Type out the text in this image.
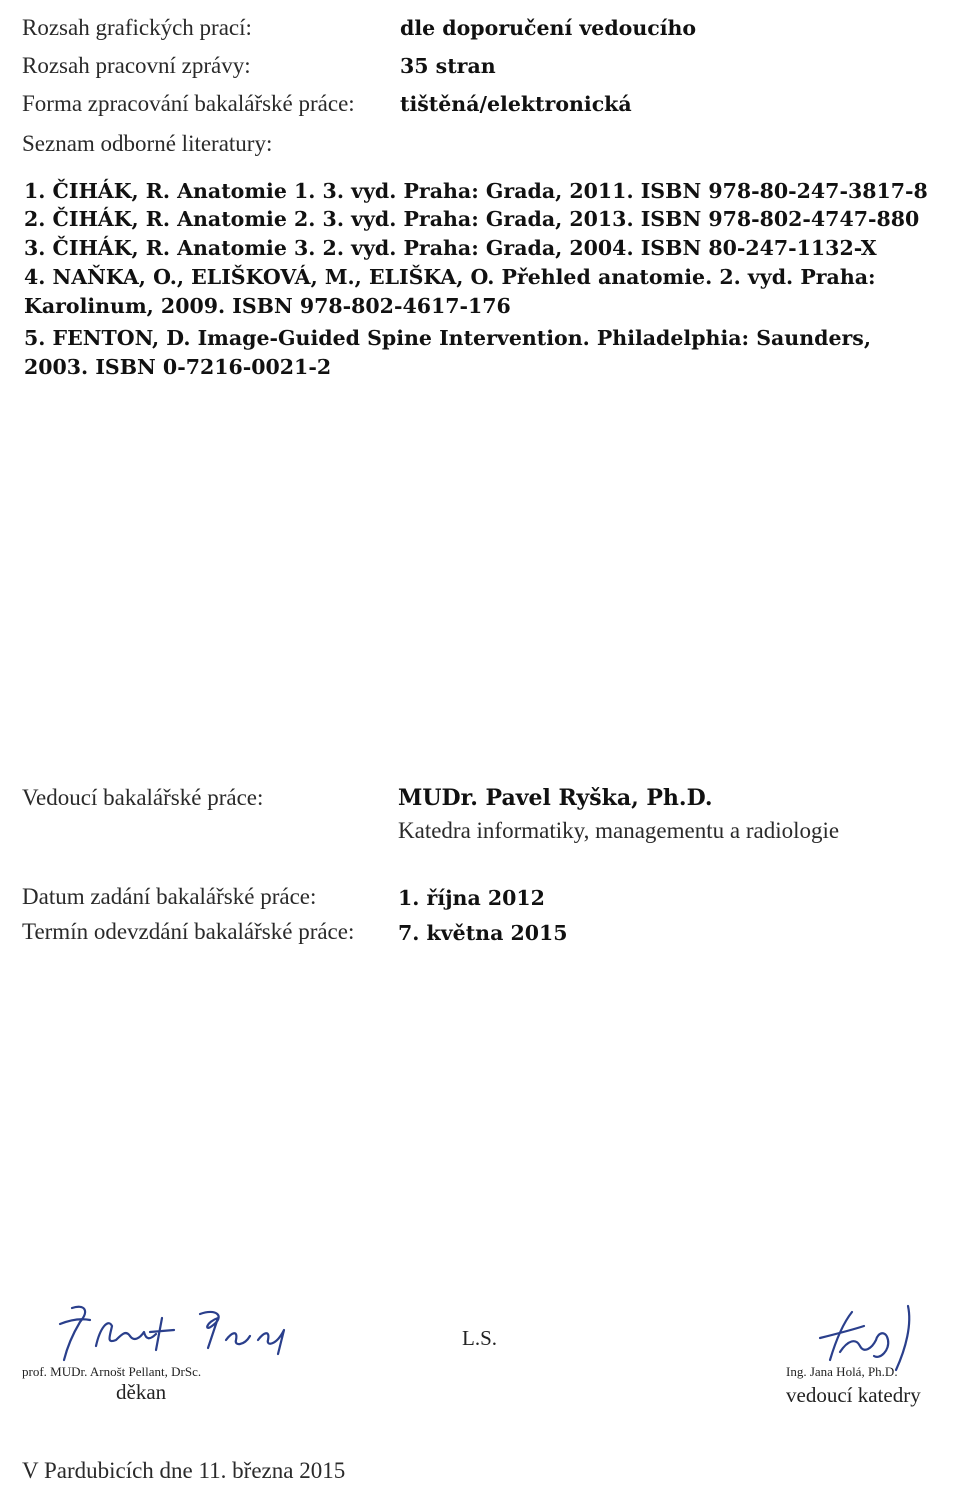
Rozsah grafických prací:	dle doporučení vedoucího
Rozsah pracovní zprávy:	35 stran
Forma zpracování bakalářské práce: tištěná/elektronická
Seznam odborné literatury:
1. ČIHÁK, R. Anatomie 1. 3. vyd. Praha: Grada, 2011. ISBN 978-80-247-3817-8
2. ČIHÁK, R. Anatomie 2. 3. vyd. Praha: Grada, 2013. ISBN 978-802-4747-880
3. ČIHÁK, R. Anatomie 3. 2. vyd. Praha: Grada, 2004. ISBN 80-247-1132-X
4. NAŇKA, O., ELIŠKOVÁ, M., ELIŠKA, O. Přehled anatomie. 2. vyd. Praha:
Karolinum, 2009. ISBN 978-802-4617-176
5. FENTON, D. Image-Guided Spine Intervention. Philadelphia: Saunders,
2003. ISBN 0-7216-0021-2
Vedoucí bakalářské práce:	MUDr. Pavel Ryška, Ph.D.
Katedra informatiky, managementu a radiologie
Datum zadání bakalářské práce:	1. října 2012
Termín odevzdání bakalářské práce: 7. května 2015
prof. MUDr. Arnošt Pellant, DrSc.
děkan
L.S.
Ing. Jana Holá, Ph.D.
vedoucí katedry
V Pardubicích dne 11. března 2015
